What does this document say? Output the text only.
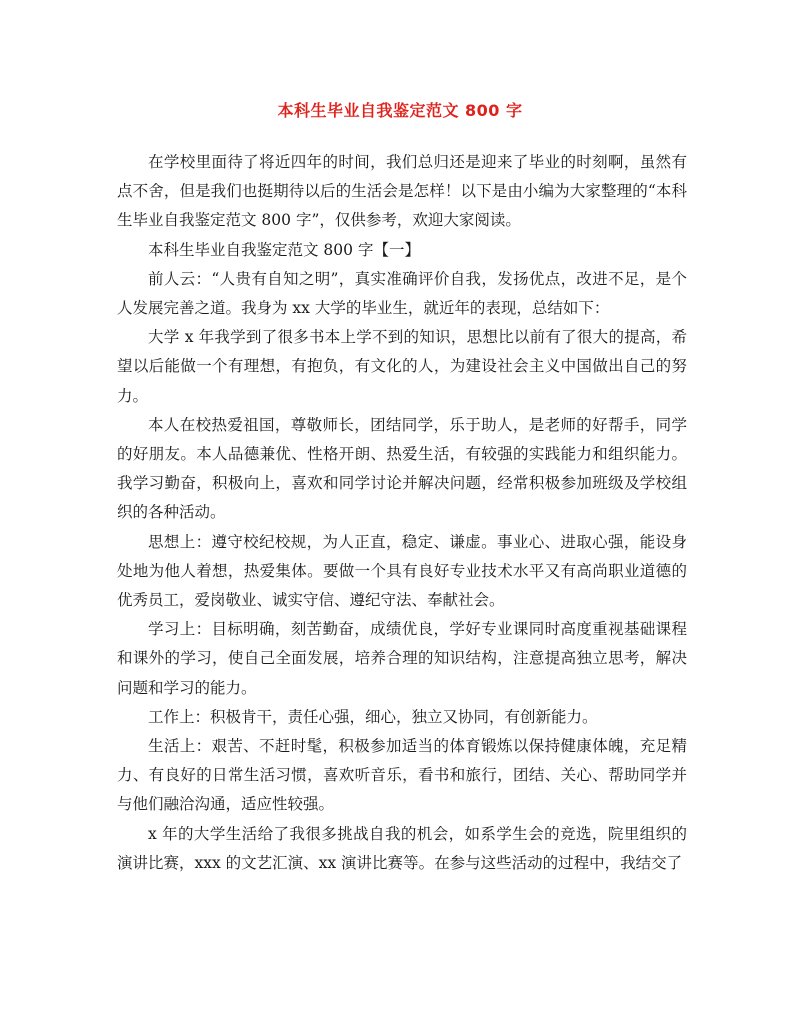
本科生毕业自我鉴定范文 800 字

在学校里面待了将近四年的时间，我们总归还是迎来了毕业的时刻啊，虽然有点不舍，但是我们也挺期待以后的生活会是怎样！以下是由小编为大家整理的“本科生毕业自我鉴定范文 800 字”，仅供参考，欢迎大家阅读。

本科生毕业自我鉴定范文 800 字【一】

前人云：“人贵有自知之明”，真实准确评价自我，发扬优点，改进不足，是个人发展完善之道。我身为 xx 大学的毕业生，就近年的表现，总结如下：

大学 x 年我学到了很多书本上学不到的知识，思想比以前有了很大的提高，希望以后能做一个有理想，有抱负，有文化的人，为建设社会主义中国做出自己的努力。

本人在校热爱祖国，尊敬师长，团结同学，乐于助人，是老师的好帮手，同学的好朋友。本人品德兼优、性格开朗、热爱生活，有较强的实践能力和组织能力。我学习勤奋，积极向上，喜欢和同学讨论并解决问题，经常积极参加班级及学校组织的各种活动。

思想上：遵守校纪校规，为人正直，稳定、谦虚。事业心、进取心强，能设身处地为他人着想，热爱集体。要做一个具有良好专业技术水平又有高尚职业道德的优秀员工，爱岗敬业、诚实守信、遵纪守法、奉献社会。

学习上：目标明确，刻苦勤奋，成绩优良，学好专业课同时高度重视基础课程和课外的学习，使自己全面发展，培养合理的知识结构，注意提高独立思考，解决问题和学习的能力。

工作上：积极肯干，责任心强，细心，独立又协同，有创新能力。

生活上：艰苦、不赶时髦，积极参加适当的体育锻炼以保持健康体魄，充足精力、有良好的日常生活习惯，喜欢听音乐，看书和旅行，团结、关心、帮助同学并与他们融洽沟通，适应性较强。

x 年的大学生活给了我很多挑战自我的机会，如系学生会的竞选，院里组织的演讲比赛，xxx 的文艺汇演、xx 演讲比赛等。在参与这些活动的过程中，我结交了
